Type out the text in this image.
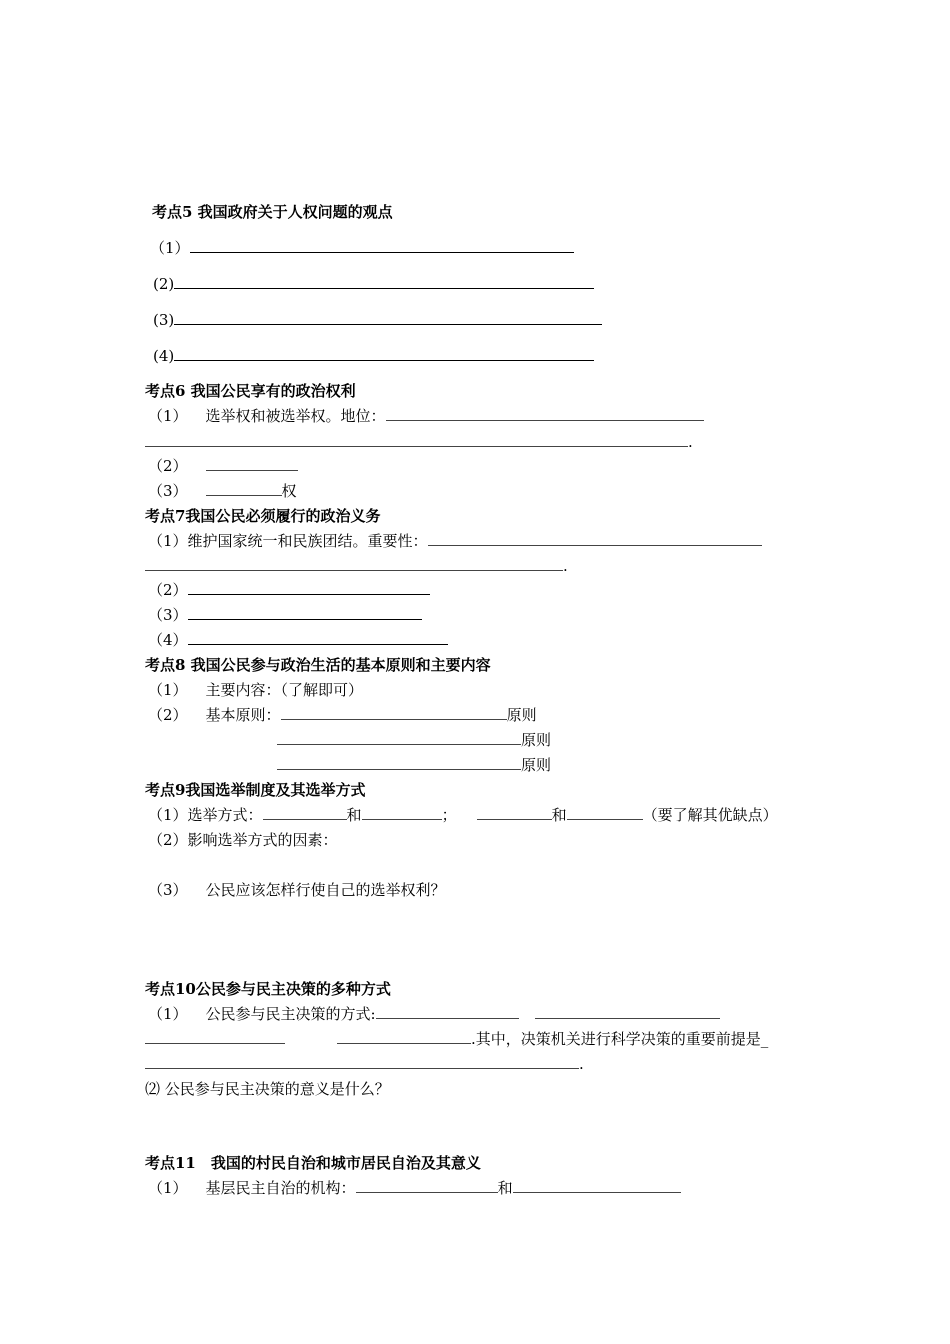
考点5 我国政府关于人权问题的观点
（1）
(2)
(3)
(4)
考点6 我国公民享有的政治权利
（1） 选举权和被选举权。地位：
.
（2）
（3）	权
考点7我国公民必须履行的政治义务
（1）维护国家统一和民族团结。重要性：
.
（2）
（3）
（4）
考点8 我国公民参与政治生活的基本原则和主要内容
（1） 主要内容：（了解即可）
（2） 基本原则：	原则
原则
原则
考点9我国选举制度及其选举方式
（1）选举方式：	和	；	和	（要了解其优缺点）
（2）影响选举方式的因素：
（3） 公民应该怎样行使自己的选举权利？
考点10公民参与民主决策的多种方式
（1） 公民参与民主决策的方式:
.其中，决策机关进行科学决策的重要前提是_
.
⑵ 公民参与民主决策的意义是什么？
考点11　我国的村民自治和城市居民自治及其意义
（1） 基层民主自治的机构：	和
